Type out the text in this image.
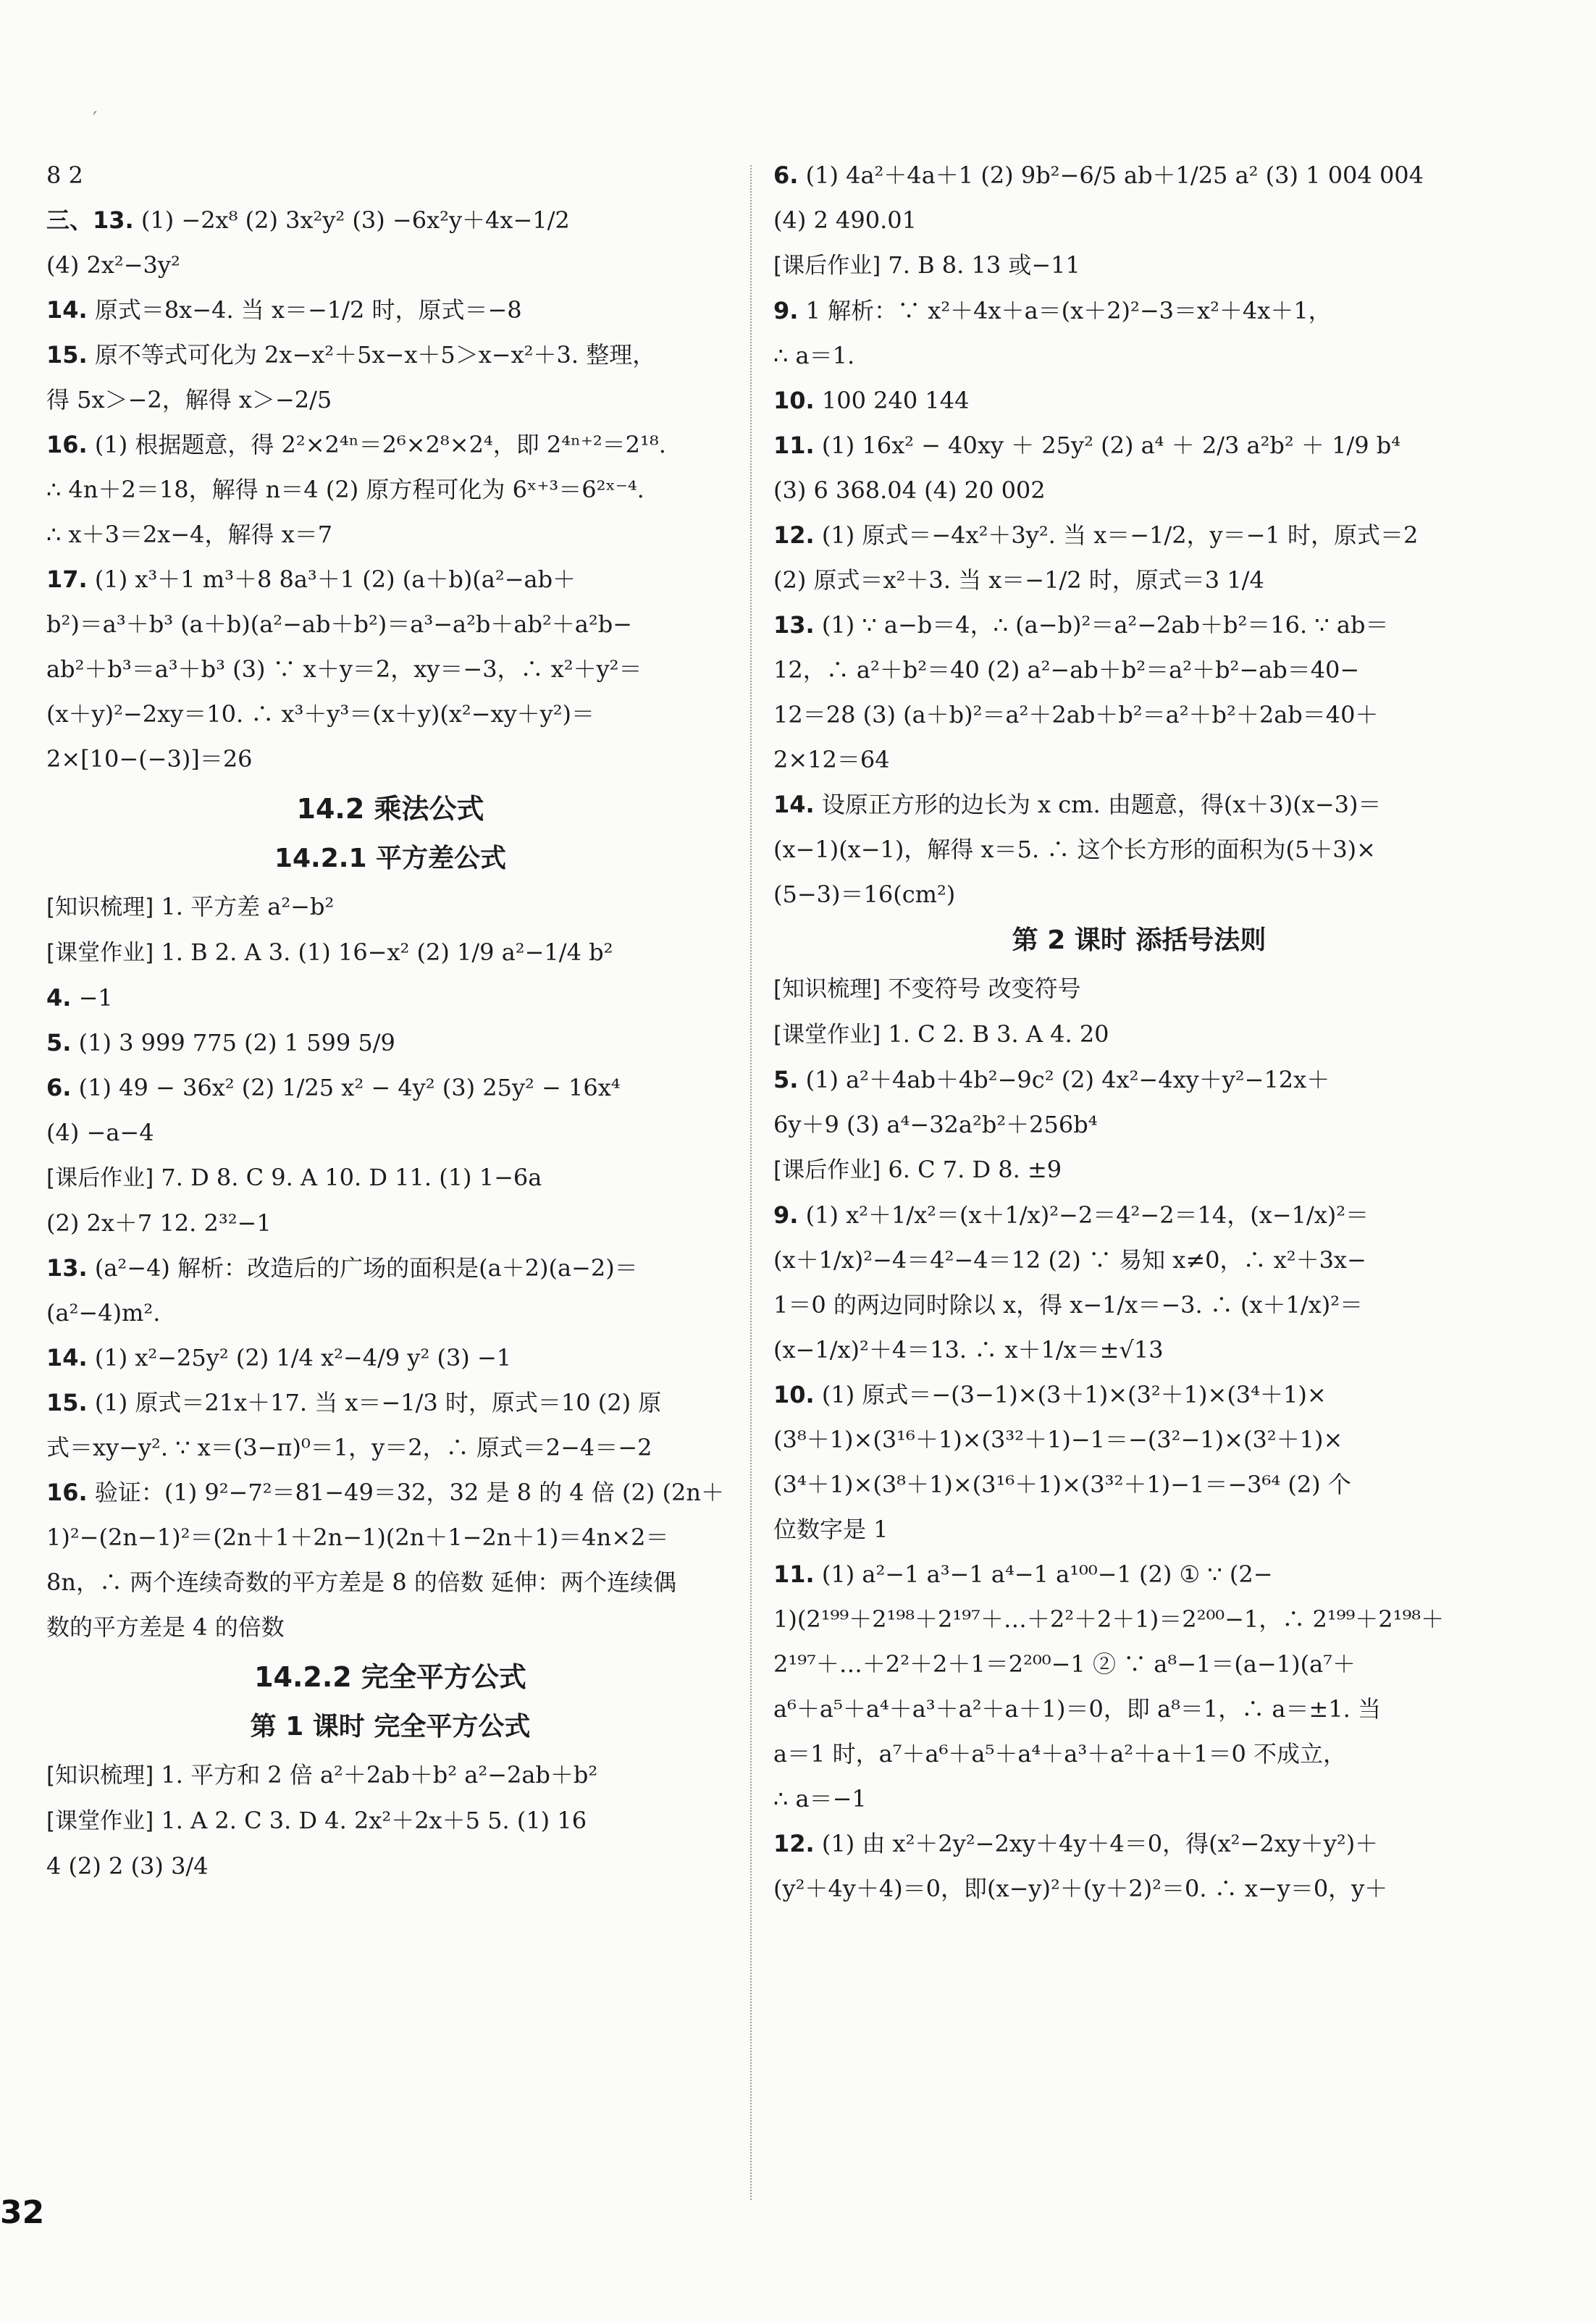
′
8 2
三、13. (1) −2x⁸ (2) 3x²y² (3) −6x²y＋4x−1/2
(4) 2x²−3y²
14. 原式＝8x−4. 当 x＝−1/2 时，原式＝−8
15. 原不等式可化为 2x−x²＋5x−x＋5＞x−x²＋3. 整理，
得 5x＞−2，解得 x＞−2/5
16. (1) 根据题意，得 2²×2⁴ⁿ＝2⁶×2⁸×2⁴，即 2⁴ⁿ⁺²＝2¹⁸.
∴ 4n＋2＝18，解得 n＝4 (2) 原方程可化为 6ˣ⁺³＝6²ˣ⁻⁴.
∴ x＋3＝2x−4，解得 x＝7
17. (1) x³＋1 m³＋8 8a³＋1 (2) (a＋b)(a²−ab＋
b²)＝a³＋b³ (a＋b)(a²−ab＋b²)＝a³−a²b＋ab²＋a²b−
ab²＋b³＝a³＋b³ (3) ∵ x＋y＝2，xy＝−3，∴ x²＋y²＝
(x＋y)²−2xy＝10. ∴ x³＋y³＝(x＋y)(x²−xy＋y²)＝
2×[10−(−3)]＝26
14.2 乘法公式
14.2.1 平方差公式
[知识梳理] 1. 平方差 a²−b²
[课堂作业] 1. B 2. A 3. (1) 16−x² (2) 1/9 a²−1/4 b²
4. −1
5. (1) 3 999 775 (2) 1 599 5/9
6. (1) 49 − 36x² (2) 1/25 x² − 4y² (3) 25y² − 16x⁴
(4) −a−4
[课后作业] 7. D 8. C 9. A 10. D 11. (1) 1−6a
(2) 2x＋7 12. 2³²−1
13. (a²−4) 解析：改造后的广场的面积是(a＋2)(a−2)＝
(a²−4)m².
14. (1) x²−25y² (2) 1/4 x²−4/9 y² (3) −1
15. (1) 原式＝21x＋17. 当 x＝−1/3 时，原式＝10 (2) 原
式＝xy−y². ∵ x＝(3−π)⁰＝1，y＝2，∴ 原式＝2−4＝−2
16. 验证：(1) 9²−7²＝81−49＝32，32 是 8 的 4 倍 (2) (2n＋
1)²−(2n−1)²＝(2n＋1＋2n−1)(2n＋1−2n＋1)＝4n×2＝
8n，∴ 两个连续奇数的平方差是 8 的倍数 延伸：两个连续偶
数的平方差是 4 的倍数
14.2.2 完全平方公式
第 1 课时 完全平方公式
[知识梳理] 1. 平方和 2 倍 a²＋2ab＋b² a²−2ab＋b²
[课堂作业] 1. A 2. C 3. D 4. 2x²＋2x＋5 5. (1) 16
4 (2) 2 (3) 3/4
6. (1) 4a²＋4a＋1 (2) 9b²−6/5 ab＋1/25 a² (3) 1 004 004
(4) 2 490.01
[课后作业] 7. B 8. 13 或−11
9. 1 解析：∵ x²＋4x＋a＝(x＋2)²−3＝x²＋4x＋1，
∴ a＝1.
10. 100 240 144
11. (1) 16x² − 40xy ＋ 25y² (2) a⁴ ＋ 2/3 a²b² ＋ 1/9 b⁴
(3) 6 368.04 (4) 20 002
12. (1) 原式＝−4x²＋3y². 当 x＝−1/2，y＝−1 时，原式＝2
(2) 原式＝x²＋3. 当 x＝−1/2 时，原式＝3 1/4
13. (1) ∵ a−b＝4，∴ (a−b)²＝a²−2ab＋b²＝16. ∵ ab＝
12，∴ a²＋b²＝40 (2) a²−ab＋b²＝a²＋b²−ab＝40−
12＝28 (3) (a＋b)²＝a²＋2ab＋b²＝a²＋b²＋2ab＝40＋
2×12＝64
14. 设原正方形的边长为 x cm. 由题意，得(x＋3)(x−3)＝
(x−1)(x−1)，解得 x＝5. ∴ 这个长方形的面积为(5＋3)×
(5−3)＝16(cm²)
第 2 课时 添括号法则
[知识梳理] 不变符号 改变符号
[课堂作业] 1. C 2. B 3. A 4. 20
5. (1) a²＋4ab＋4b²−9c² (2) 4x²−4xy＋y²−12x＋
6y＋9 (3) a⁴−32a²b²＋256b⁴
[课后作业] 6. C 7. D 8. ±9
9. (1) x²＋1/x²＝(x＋1/x)²−2＝4²−2＝14，(x−1/x)²＝
(x＋1/x)²−4＝4²−4＝12 (2) ∵ 易知 x≠0，∴ x²＋3x−
1＝0 的两边同时除以 x，得 x−1/x＝−3. ∴ (x＋1/x)²＝
(x−1/x)²＋4＝13. ∴ x＋1/x＝±√13
10. (1) 原式＝−(3−1)×(3＋1)×(3²＋1)×(3⁴＋1)×
(3⁸＋1)×(3¹⁶＋1)×(3³²＋1)−1＝−(3²−1)×(3²＋1)×
(3⁴＋1)×(3⁸＋1)×(3¹⁶＋1)×(3³²＋1)−1＝−3⁶⁴ (2) 个
位数字是 1
11. (1) a²−1 a³−1 a⁴−1 a¹⁰⁰−1 (2) ① ∵ (2−
1)(2¹⁹⁹＋2¹⁹⁸＋2¹⁹⁷＋…＋2²＋2＋1)＝2²⁰⁰−1，∴ 2¹⁹⁹＋2¹⁹⁸＋
2¹⁹⁷＋…＋2²＋2＋1＝2²⁰⁰−1 ② ∵ a⁸−1＝(a−1)(a⁷＋
a⁶＋a⁵＋a⁴＋a³＋a²＋a＋1)＝0，即 a⁸＝1，∴ a＝±1. 当
a＝1 时，a⁷＋a⁶＋a⁵＋a⁴＋a³＋a²＋a＋1＝0 不成立，
∴ a＝−1
12. (1) 由 x²＋2y²−2xy＋4y＋4＝0，得(x²−2xy＋y²)＋
(y²＋4y＋4)＝0，即(x−y)²＋(y＋2)²＝0. ∴ x−y＝0，y＋
32
